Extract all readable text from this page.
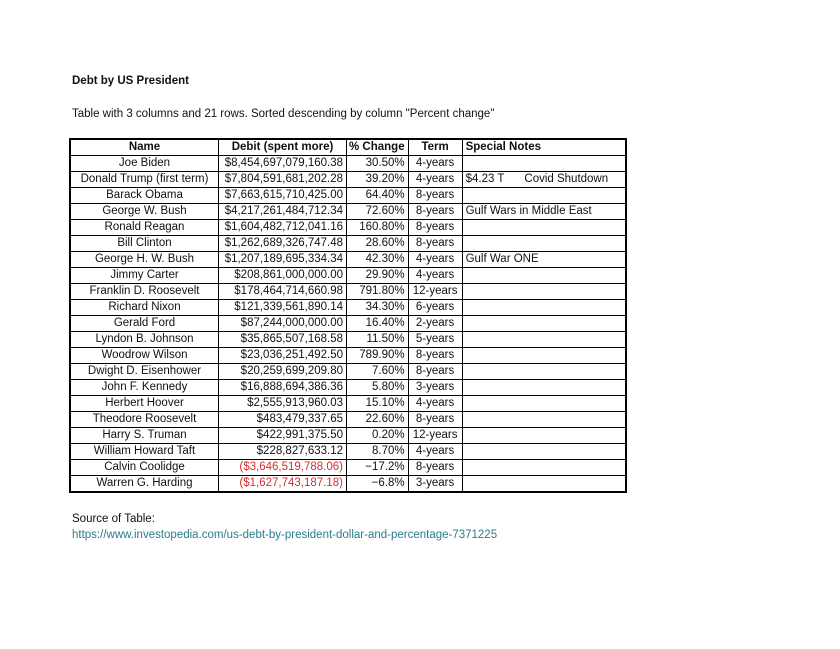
Debt by US President
Table with 3 columns and 21 rows. Sorted descending by column "Percent change"
Name	Debit (spent more)	% Change	Term	Special Notes
Joe Biden	$8,454,697,079,160.38	30.50%	4-years	
Donald Trump (first term)	$7,804,591,681,202.28	39.20%	4-years	$4.23 T Covid Shutdown
Barack Obama	$7,663,615,710,425.00	64.40%	8-years	
George W. Bush	$4,217,261,484,712.34	72.60%	8-years	Gulf Wars in Middle East
Ronald Reagan	$1,604,482,712,041.16	160.80%	8-years	
Bill Clinton	$1,262,689,326,747.48	28.60%	8-years	
George H. W. Bush	$1,207,189,695,334.34	42.30%	4-years	Gulf War ONE
Jimmy Carter	$208,861,000,000.00	29.90%	4-years	
Franklin D. Roosevelt	$178,464,714,660.98	791.80%	12-years	
Richard Nixon	$121,339,561,890.14	34.30%	6-years	
Gerald Ford	$87,244,000,000.00	16.40%	2-years	
Lyndon B. Johnson	$35,865,507,168.58	11.50%	5-years	
Woodrow Wilson	$23,036,251,492.50	789.90%	8-years	
Dwight D. Eisenhower	$20,259,699,209.80	7.60%	8-years	
John F. Kennedy	$16,888,694,386.36	5.80%	3-years	
Herbert Hoover	$2,555,913,960.03	15.10%	4-years	
Theodore Roosevelt	$483,479,337.65	22.60%	8-years	
Harry S. Truman	$422,991,375.50	0.20%	12-years	
William Howard Taft	$228,827,633.12	8.70%	4-years	
Calvin Coolidge	($3,646,519,788.06)	−17.2%	8-years	
Warren G. Harding	($1,627,743,187.18)	−6.8%	3-years	
Source of Table:
https://www.investopedia.com/us-debt-by-president-dollar-and-percentage-7371225
